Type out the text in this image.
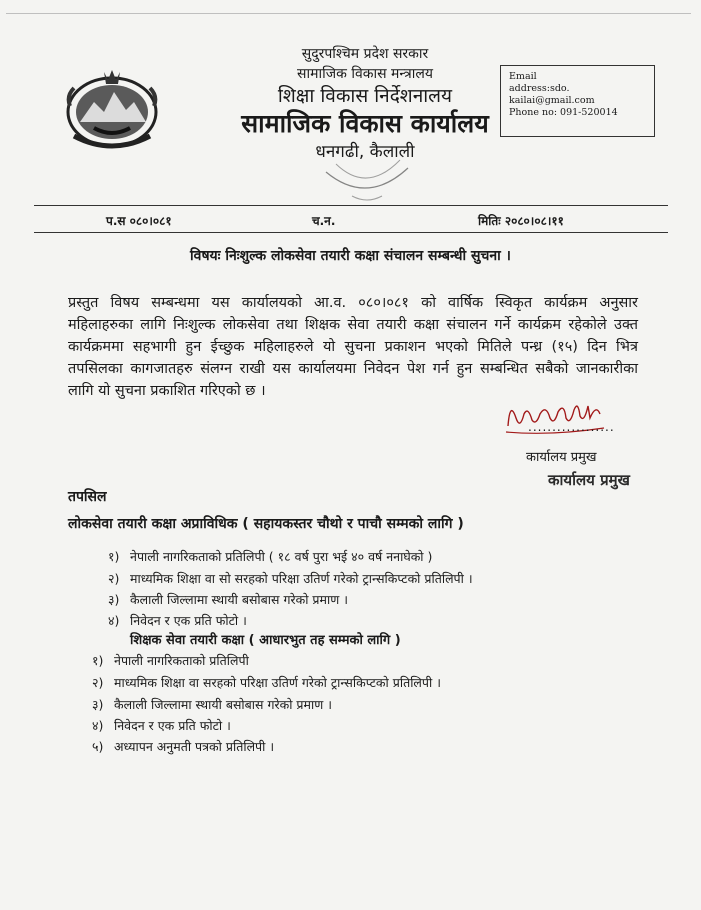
सुदुरपश्चिम प्रदेश सरकार
सामाजिक विकास मन्त्रालय
शिक्षा विकास निर्देशनालय
सामाजिक विकास कार्यालय
धनगढी, कैलाली
Email
address:sdo. kailai@gmail.com
Phone no: 091-520014
प.स ०८०।०८१	च.न.	मितिः २०८०।०८।११
विषयः निःशुल्क लोकसेवा तयारी कक्षा संचालन सम्बन्धी सुचना ।
प्रस्तुत विषय सम्बन्धमा यस कार्यालयको आ.व. ०८०।०८१ को वार्षिक स्विकृत कार्यक्रम अनुसार
महिलाहरुका लागि निःशुल्क लोकसेवा तथा शिक्षक सेवा तयारी कक्षा संचालन गर्ने कार्यक्रम रहेकोले उक्त
कार्यक्रममा सहभागी हुन ईच्छुक महिलाहरुले यो सुचना प्रकाशन भएको मितिले पन्ध्र (१५) दिन भित्र
तपसिलका कागजातहरु संलग्न राखी यस कार्यालयमा निवेदन पेश गर्न हुन सम्बन्धित सबैको जानकारीका
लागि यो सुचना प्रकाशित गरिएको छ ।
..................
कार्यालय प्रमुख
कार्यालय प्रमुख
तपसिल
लोकसेवा तयारी कक्षा अप्राविधिक ( सहायकस्तर चौथो र पाचौ सम्मको लागि )
१) नेपाली नागरिकताको प्रतिलिपी ( १८ वर्ष पुरा भई ४० वर्ष ननाघेको )
२) माध्यमिक शिक्षा वा सो सरहको परिक्षा उतिर्ण गरेको ट्रान्सकिप्टको प्रतिलिपी ।
३) कैलाली जिल्लामा स्थायी बसोबास गरेको प्रमाण ।
४) निवेदन र एक प्रति फोटो ।
शिक्षक सेवा तयारी कक्षा ( आधारभुत तह सम्मको लागि )
१) नेपाली नागरिकताको प्रतिलिपी
२) माध्यमिक शिक्षा वा सरहको परिक्षा उतिर्ण गरेको ट्रान्सकिप्टको प्रतिलिपी ।
३) कैलाली जिल्लामा स्थायी बसोबास गरेको प्रमाण ।
४) निवेदन र एक प्रति फोटो ।
५) अध्यापन अनुमती पत्रको प्रतिलिपी ।
